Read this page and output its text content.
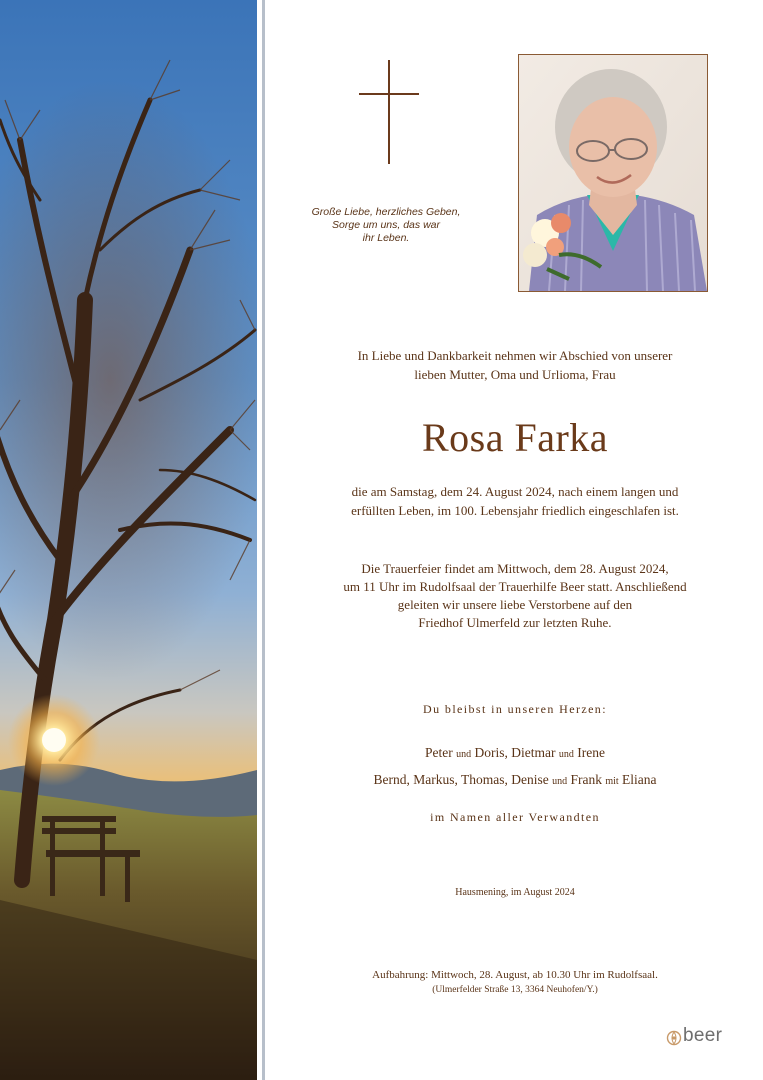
Große Liebe, herzliches Geben,
Sorge um uns, das war
ihr Leben.
In Liebe und Dankbarkeit nehmen wir Abschied von unserer
lieben Mutter, Oma und Urlioma, Frau
Rosa Farka
die am Samstag, dem 24. August 2024, nach einem langen und
erfüllten Leben, im 100. Lebensjahr friedlich eingeschlafen ist.
Die Trauerfeier findet am Mittwoch, dem 28. August 2024,
um 11 Uhr im Rudolfsaal der Trauerhilfe Beer statt. Anschließend
geleiten wir unsere liebe Verstorbene auf den
Friedhof Ulmerfeld zur letzten Ruhe.
Du bleibst in unseren Herzen:
Peter und Doris, Dietmar und Irene
Bernd, Markus, Thomas, Denise und Frank mit Eliana
im Namen aller Verwandten
Hausmening, im August 2024
Aufbahrung: Mittwoch, 28. August, ab 10.30 Uhr im Rudolfsaal.
(Ulmerfelder Straße 13, 3364 Neuhofen/Y.)
beer
